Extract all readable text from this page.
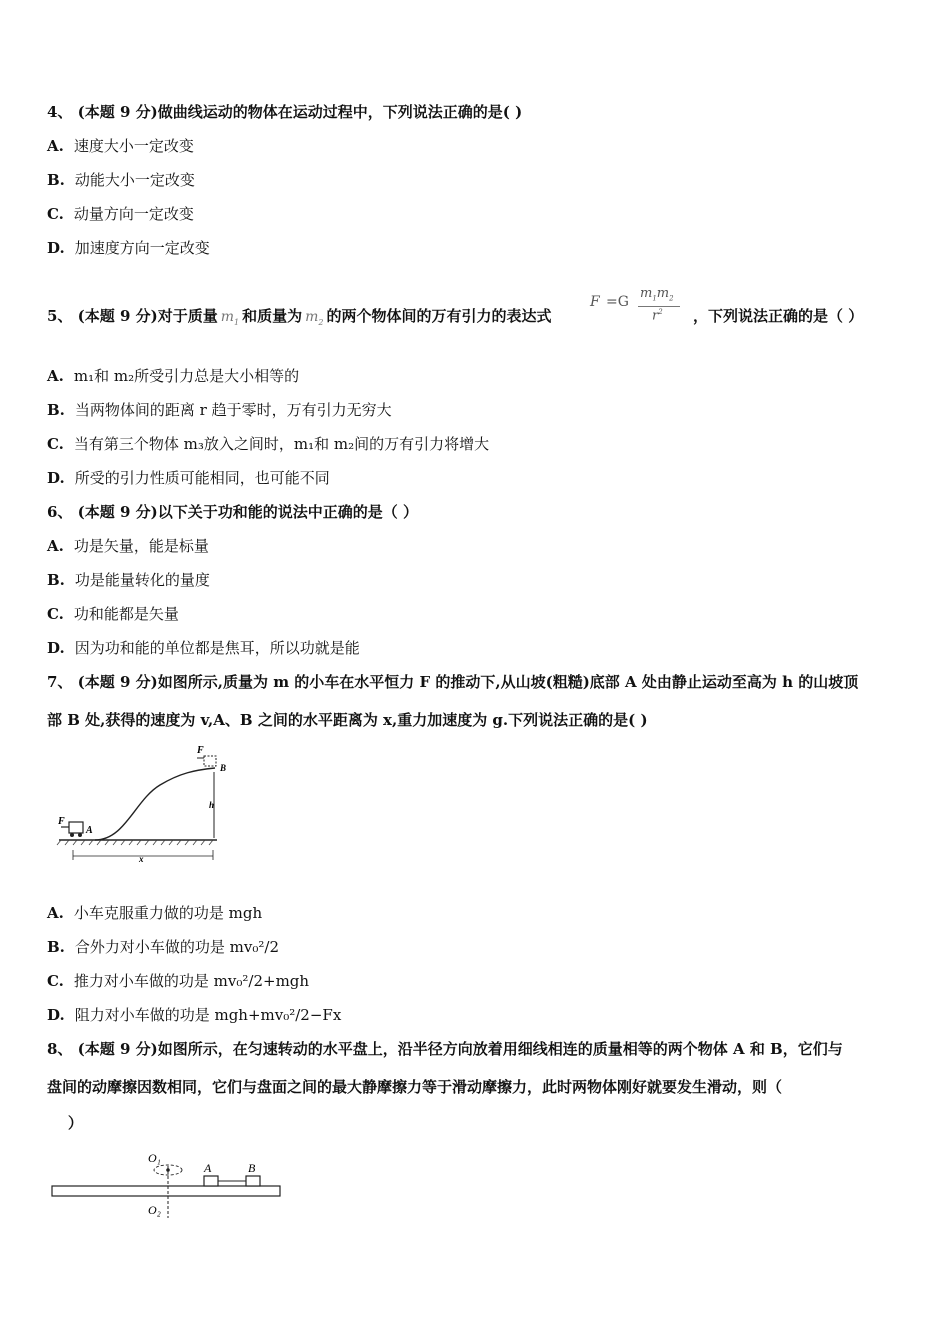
4、 (本题 9 分)做曲线运动的物体在运动过程中，下列说法正确的是( )
A. 速度大小一定改变
B. 动能大小一定改变
C. 动量方向一定改变
D. 加速度方向一定改变
5、 (本题 9 分)对于质量 $m_1$ 和质量为 $m_2$ 的两个物体间的万有引力的表达式
F =G
$m_1m_2$
$r^2$ ，下列说法正确的是（ ）
A. m₁和 m₂所受引力总是大小相等的
B. 当两物体间的距离 r 趋于零时，万有引力无穷大
C. 当有第三个物体 m₃放入之间时，m₁和 m₂间的万有引力将增大
D. 所受的引力性质可能相同，也可能不同
6、 (本题 9 分)以下关于功和能的说法中正确的是（ ）
A. 功是矢量，能是标量
B. 功是能量转化的量度
C. 功和能都是矢量
D. 因为功和能的单位都是焦耳，所以功就是能
7、 (本题 9 分)如图所示,质量为 m 的小车在水平恒力 F 的推动下,从山坡(粗糙)底部 A 处由静止运动至高为 h 的山坡顶
部 B 处,获得的速度为 v,A、B 之间的水平距离为 x,重力加速度为 g.下列说法正确的是( )
F
A
F
B
h
x
A. 小车克服重力做的功是 mgh
B. 合外力对小车做的功是 mv₀²/2
C. 推力对小车做的功是 mv₀²/2+mgh
D. 阻力对小车做的功是 mgh+mv₀²/2−Fx
8、 (本题 9 分)如图所示，在匀速转动的水平盘上，沿半径方向放着用细线相连的质量相等的两个物体 A 和 B，它们与
盘间的动摩擦因数相同，它们与盘面之间的最大静摩擦力等于滑动摩擦力，此时两物体刚好就要发生滑动，则（
）
O₁
O₂
A	B
